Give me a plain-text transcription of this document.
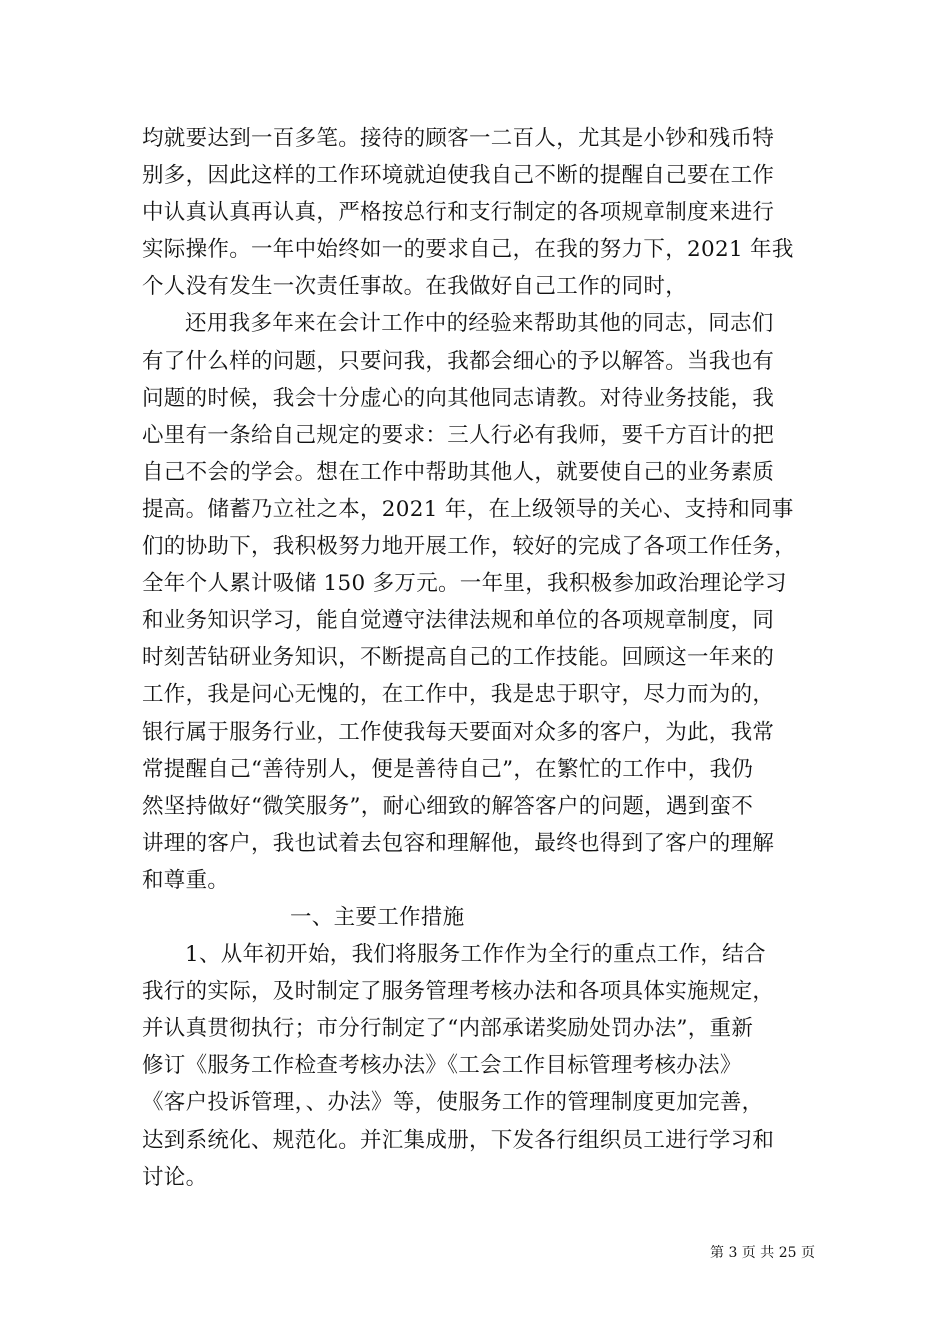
均就要达到一百多笔。接待的顾客一二百人，尤其是小钞和残币特
别多，因此这样的工作环境就迫使我自己不断的提醒自己要在工作
中认真认真再认真，严格按总行和支行制定的各项规章制度来进行
实际操作。一年中始终如一的要求自己，在我的努力下，2021 年我
个人没有发生一次责任事故。在我做好自己工作的同时，
还用我多年来在会计工作中的经验来帮助其他的同志，同志们
有了什么样的问题，只要问我，我都会细心的予以解答。当我也有
问题的时候，我会十分虚心的向其他同志请教。对待业务技能，我
心里有一条给自己规定的要求：三人行必有我师，要千方百计的把
自己不会的学会。想在工作中帮助其他人，就要使自己的业务素质
提高。储蓄乃立社之本，2021 年，在上级领导的关心、支持和同事
们的协助下，我积极努力地开展工作，较好的完成了各项工作任务，
全年个人累计吸储 150 多万元。一年里，我积极参加政治理论学习
和业务知识学习，能自觉遵守法律法规和单位的各项规章制度，同
时刻苦钻研业务知识，不断提高自己的工作技能。回顾这一年来的
工作，我是问心无愧的，在工作中，我是忠于职守，尽力而为的，
银行属于服务行业，工作使我每天要面对众多的客户，为此，我常
常提醒自己“善待别人，便是善待自己”，在繁忙的工作中，我仍
然坚持做好“微笑服务”，耐心细致的解答客户的问题，遇到蛮不
讲理的客户，我也试着去包容和理解他，最终也得到了客户的理解
和尊重。
一、主要工作措施
1、从年初开始，我们将服务工作作为全行的重点工作，结合
我行的实际，及时制定了服务管理考核办法和各项具体实施规定，
并认真贯彻执行；市分行制定了“内部承诺奖励处罚办法”，重新
修订《服务工作检查考核办法》《工会工作目标管理考核办法》
《客户投诉管理，、办法》等，使服务工作的管理制度更加完善，
达到系统化、规范化。并汇集成册，下发各行组织员工进行学习和
讨论。
第 3 页 共 25 页
